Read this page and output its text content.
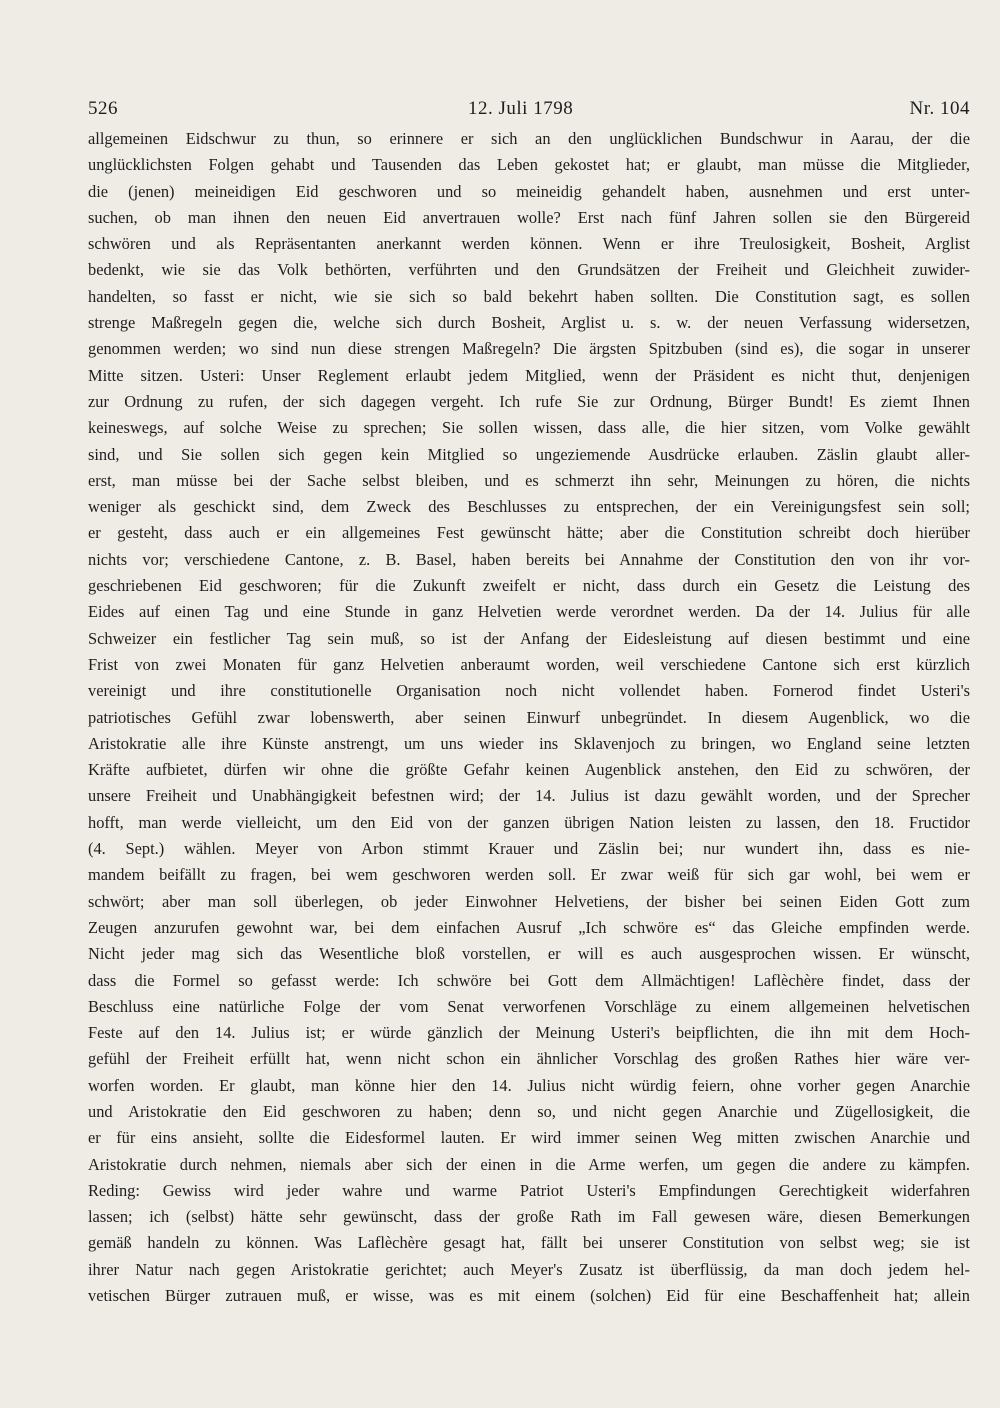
526	12. Juli 1798	Nr. 104
allgemeinen Eidschwur zu thun, so erinnere er sich an den unglücklichen Bundschwur in Aarau, der die
unglücklichsten Folgen gehabt und Tausenden das Leben gekostet hat; er glaubt, man müsse die Mitglieder,
die (jenen) meineidigen Eid geschworen und so meineidig gehandelt haben, ausnehmen und erst unter-
suchen, ob man ihnen den neuen Eid anvertrauen wolle? Erst nach fünf Jahren sollen sie den Bürgereid
schwören und als Repräsentanten anerkannt werden können. Wenn er ihre Treulosigkeit, Bosheit, Arglist
bedenkt, wie sie das Volk bethörten, verführten und den Grundsätzen der Freiheit und Gleichheit zuwider-
handelten, so fasst er nicht, wie sie sich so bald bekehrt haben sollten. Die Constitution sagt, es sollen
strenge Maßregeln gegen die, welche sich durch Bosheit, Arglist u. s. w. der neuen Verfassung widersetzen,
genommen werden; wo sind nun diese strengen Maßregeln? Die ärgsten Spitzbuben (sind es), die sogar in unserer
Mitte sitzen. Usteri: Unser Reglement erlaubt jedem Mitglied, wenn der Präsident es nicht thut, denjenigen
zur Ordnung zu rufen, der sich dagegen vergeht. Ich rufe Sie zur Ordnung, Bürger Bundt! Es ziemt Ihnen
keineswegs, auf solche Weise zu sprechen; Sie sollen wissen, dass alle, die hier sitzen, vom Volke gewählt
sind, und Sie sollen sich gegen kein Mitglied so ungeziemende Ausdrücke erlauben. Zäslin glaubt aller-
erst, man müsse bei der Sache selbst bleiben, und es schmerzt ihn sehr, Meinungen zu hören, die nichts
weniger als geschickt sind, dem Zweck des Beschlusses zu entsprechen, der ein Vereinigungsfest sein soll;
er gesteht, dass auch er ein allgemeines Fest gewünscht hätte; aber die Constitution schreibt doch hierüber
nichts vor; verschiedene Cantone, z. B. Basel, haben bereits bei Annahme der Constitution den von ihr vor-
geschriebenen Eid geschworen; für die Zukunft zweifelt er nicht, dass durch ein Gesetz die Leistung des
Eides auf einen Tag und eine Stunde in ganz Helvetien werde verordnet werden. Da der 14. Julius für alle
Schweizer ein festlicher Tag sein muß, so ist der Anfang der Eidesleistung auf diesen bestimmt und eine
Frist von zwei Monaten für ganz Helvetien anberaumt worden, weil verschiedene Cantone sich erst kürzlich
vereinigt und ihre constitutionelle Organisation noch nicht vollendet haben. Fornerod findet Usteri's
patriotisches Gefühl zwar lobenswerth, aber seinen Einwurf unbegründet. In diesem Augenblick, wo die
Aristokratie alle ihre Künste anstrengt, um uns wieder ins Sklavenjoch zu bringen, wo England seine letzten
Kräfte aufbietet, dürfen wir ohne die größte Gefahr keinen Augenblick anstehen, den Eid zu schwören, der
unsere Freiheit und Unabhängigkeit befestnen wird; der 14. Julius ist dazu gewählt worden, und der Sprecher
hofft, man werde vielleicht, um den Eid von der ganzen übrigen Nation leisten zu lassen, den 18. Fructidor
(4. Sept.) wählen. Meyer von Arbon stimmt Krauer und Zäslin bei; nur wundert ihn, dass es nie-
mandem beifällt zu fragen, bei wem geschworen werden soll. Er zwar weiß für sich gar wohl, bei wem er
schwört; aber man soll überlegen, ob jeder Einwohner Helvetiens, der bisher bei seinen Eiden Gott zum
Zeugen anzurufen gewohnt war, bei dem einfachen Ausruf „Ich schwöre es“ das Gleiche empfinden werde.
Nicht jeder mag sich das Wesentliche bloß vorstellen, er will es auch ausgesprochen wissen. Er wünscht,
dass die Formel so gefasst werde: Ich schwöre bei Gott dem Allmächtigen! Laflèchère findet, dass der
Beschluss eine natürliche Folge der vom Senat verworfenen Vorschläge zu einem allgemeinen helvetischen
Feste auf den 14. Julius ist; er würde gänzlich der Meinung Usteri's beipflichten, die ihn mit dem Hoch-
gefühl der Freiheit erfüllt hat, wenn nicht schon ein ähnlicher Vorschlag des großen Rathes hier wäre ver-
worfen worden. Er glaubt, man könne hier den 14. Julius nicht würdig feiern, ohne vorher gegen Anarchie
und Aristokratie den Eid geschworen zu haben; denn so, und nicht gegen Anarchie und Zügellosigkeit, die
er für eins ansieht, sollte die Eidesformel lauten. Er wird immer seinen Weg mitten zwischen Anarchie und
Aristokratie durch nehmen, niemals aber sich der einen in die Arme werfen, um gegen die andere zu kämpfen.
Reding: Gewiss wird jeder wahre und warme Patriot Usteri's Empfindungen Gerechtigkeit widerfahren
lassen; ich (selbst) hätte sehr gewünscht, dass der große Rath im Fall gewesen wäre, diesen Bemerkungen
gemäß handeln zu können. Was Laflèchère gesagt hat, fällt bei unserer Constitution von selbst weg; sie ist
ihrer Natur nach gegen Aristokratie gerichtet; auch Meyer's Zusatz ist überflüssig, da man doch jedem hel-
vetischen Bürger zutrauen muß, er wisse, was es mit einem (solchen) Eid für eine Beschaffenheit hat; allein
